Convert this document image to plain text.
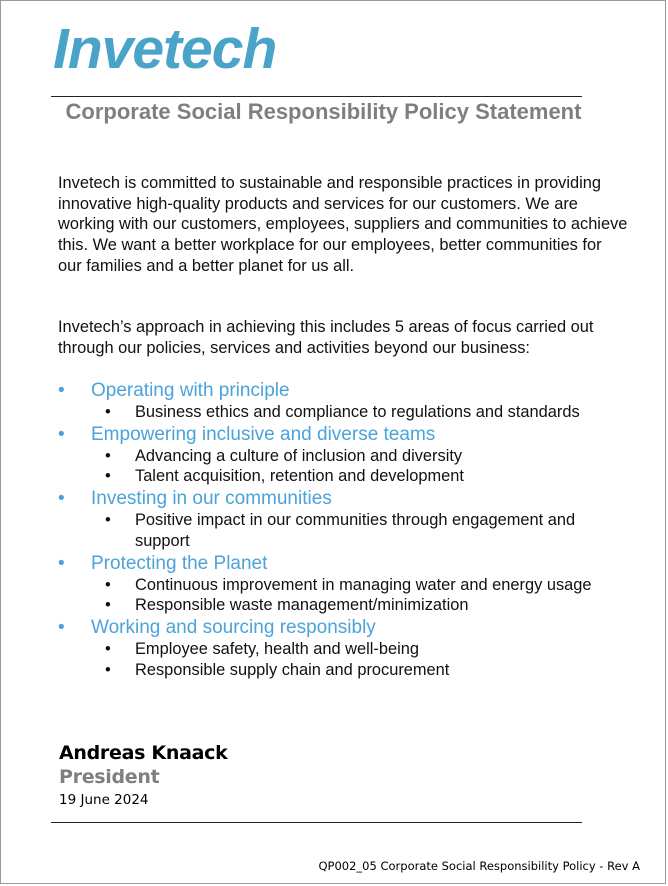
Invetech
Corporate Social Responsibility Policy Statement

Invetech is committed to sustainable and responsible practices in providing innovative high-quality products and services for our customers. We are working with our customers, employees, suppliers and communities to achieve this. We want a better workplace for our employees, better communities for our families and a better planet for us all.

Invetech’s approach in achieving this includes 5 areas of focus carried out through our policies, services and activities beyond our business:

• Operating with principle
• Business ethics and compliance to regulations and standards
• Empowering inclusive and diverse teams
• Advancing a culture of inclusion and diversity
• Talent acquisition, retention and development
• Investing in our communities
• Positive impact in our communities through engagement and support
• Protecting the Planet
• Continuous improvement in managing water and energy usage
• Responsible waste management/minimization
• Working and sourcing responsibly
• Employee safety, health and well-being
• Responsible supply chain and procurement
Andreas Knaack
President
19 June 2024
QP002_05 Corporate Social Responsibility Policy - Rev A
